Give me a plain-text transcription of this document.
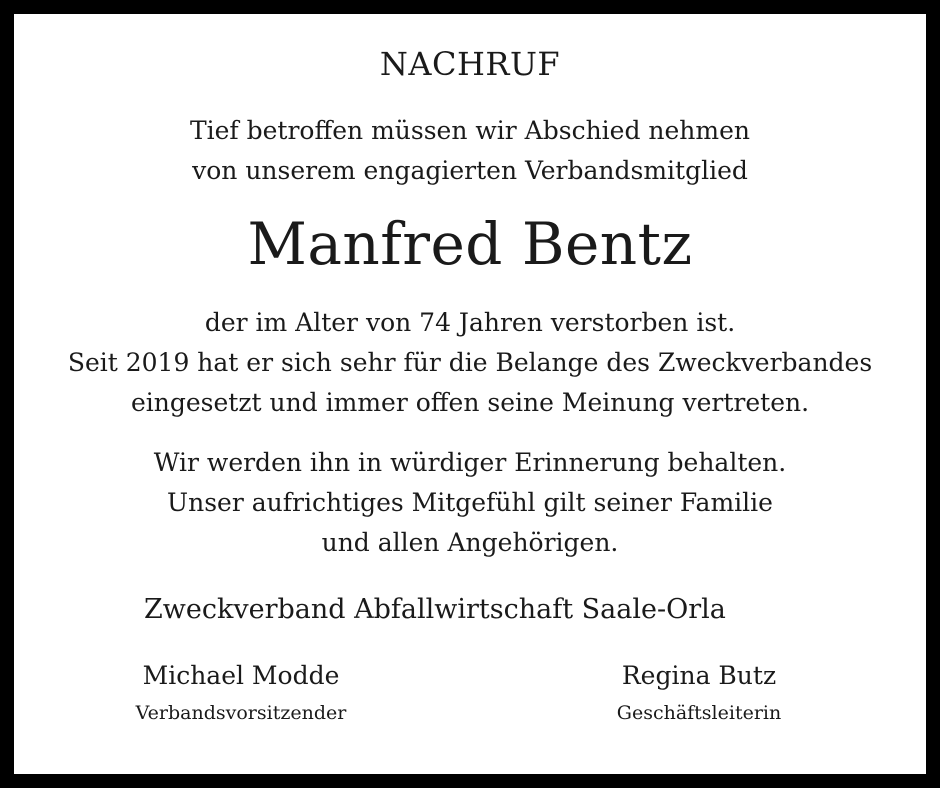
NACHRUF
Tief betroffen müssen wir Abschied nehmen
von unserem engagierten Verbandsmitglied
Manfred Bentz
der im Alter von 74 Jahren verstorben ist.
Seit 2019 hat er sich sehr für die Belange des Zweckverbandes
eingesetzt und immer offen seine Meinung vertreten.
Wir werden ihn in würdiger Erinnerung behalten.
Unser aufrichtiges Mitgefühl gilt seiner Familie
und allen Angehörigen.
Zweckverband Abfallwirtschaft Saale-Orla
Michael Modde
Verbandsvorsitzender
Regina Butz
Geschäftsleiterin
